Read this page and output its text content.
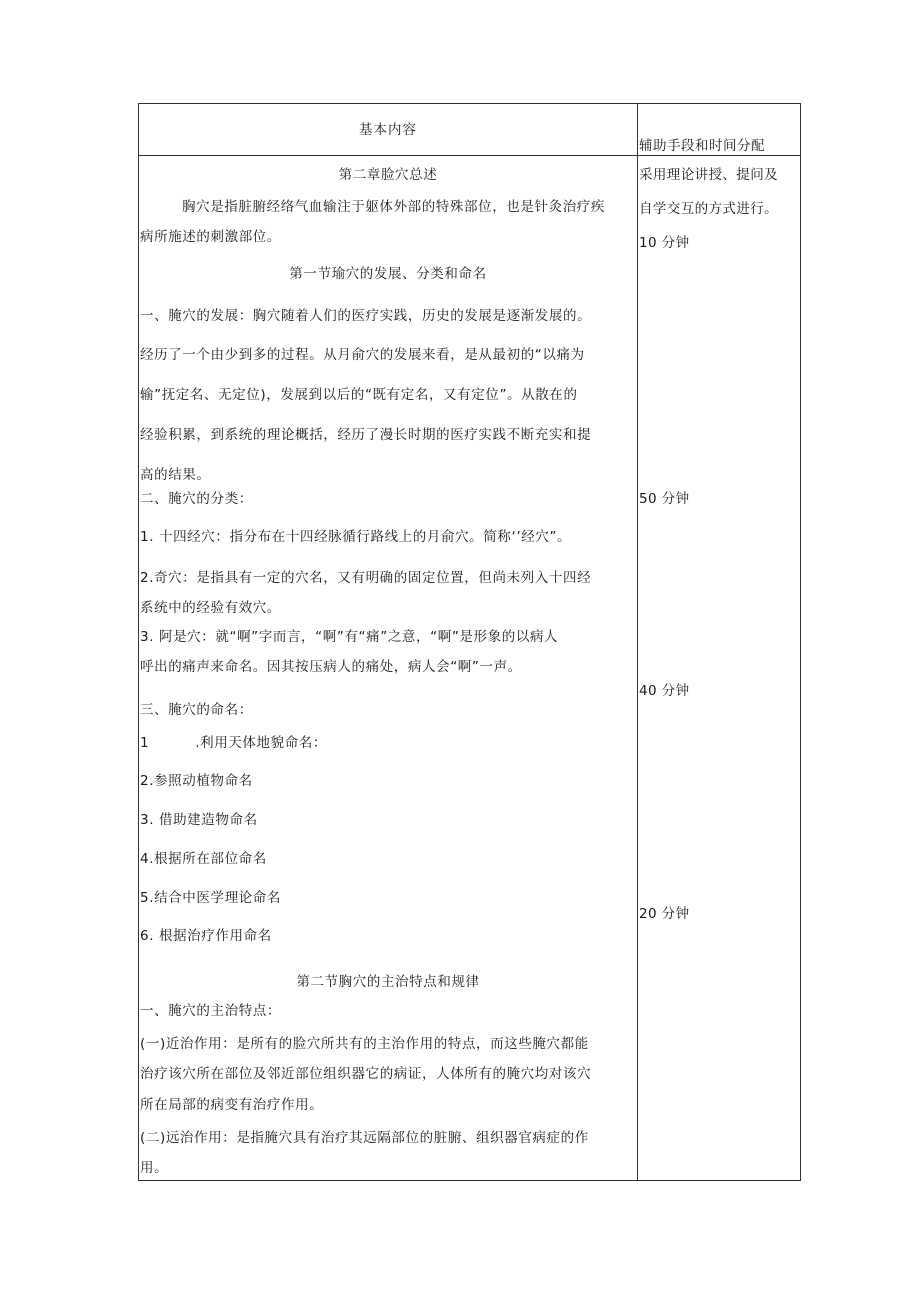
基本内容
辅助手段和时间分配
采用理论讲授、提问及
自学交互的方式进行。
10 分钟
50 分钟
40 分钟
20 分钟
第二章脸穴总述
胸穴是指脏腑经络气血输注于躯体外部的特殊部位，也是针灸治疗疾
病所施述的刺激部位。
第一节瑜穴的发展、分类和命名
一、腌穴的发展：胸穴随着人们的医疗实践，历史的发展是逐渐发展的。
经历了一个由少到多的过程。从月俞穴的发展来看，是从最初的“以痛为
输”抚定名、无定位)，发展到以后的“既有定名，又有定位”。从散在的
经验积累，到系统的理论概括，经历了漫长时期的医疗实践不断充实和提
高的结果。
二、腌穴的分类：
1. 十四经穴：指分布在十四经脉循行路线上的月俞穴。简称‘’经穴”。
2.奇穴：是指具有一定的穴名，又有明确的固定位置，但尚未列入十四经
系统中的经验有效穴。
3. 阿是穴：就“啊”字而言，“啊”有“痛”之意，“啊”是形象的以病人
呼出的痛声来命名。因其按压病人的痛处，病人会“啊”一声。
三、腌穴的命名：
1	.利用天体地貌命名：
2.参照动植物命名
3. 借助建造物命名
4.根据所在部位命名
5.结合中医学理论命名
6. 根据治疗作用命名
第二节胸穴的主治特点和规律
一、腌穴的主治特点：
(一)近治作用：是所有的脸穴所共有的主治作用的特点，而这些腌穴都能
治疗该穴所在部位及邻近部位组织器它的病证，人体所有的腌穴均对该穴
所在局部的病变有治疗作用。
(二)远治作用：是指腌穴具有治疗其远隔部位的脏腑、组织器官病症的作
用。
